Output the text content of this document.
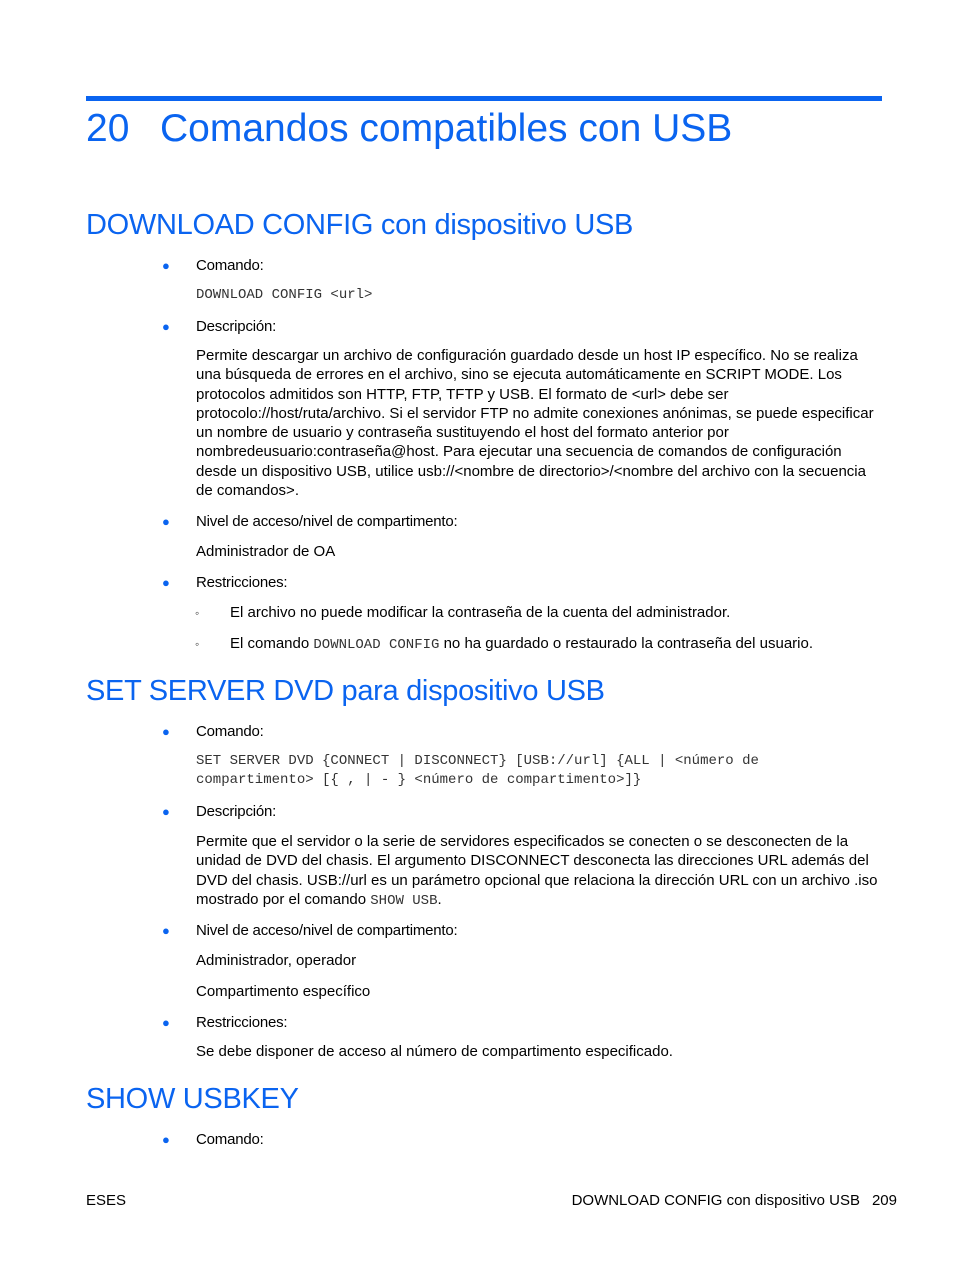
20 Comandos compatibles con USB
DOWNLOAD CONFIG con dispositivo USB
● Comando:
DOWNLOAD CONFIG <url>
● Descripción:
Permite descargar un archivo de configuración guardado desde un host IP específico. No se realiza una búsqueda de errores en el archivo, sino se ejecuta automáticamente en SCRIPT MODE. Los protocolos admitidos son HTTP, FTP, TFTP y USB. El formato de <url> debe ser protocolo://host/ruta/archivo. Si el servidor FTP no admite conexiones anónimas, se puede especificar un nombre de usuario y contraseña sustituyendo el host del formato anterior por nombredeusuario:contraseña@host. Para ejecutar una secuencia de comandos de configuración desde un dispositivo USB, utilice usb://<nombre de directorio>/<nombre del archivo con la secuencia de comandos>.
● Nivel de acceso/nivel de compartimento:
Administrador de OA
● Restricciones:
◦ El archivo no puede modificar la contraseña de la cuenta del administrador.
◦ El comando DOWNLOAD CONFIG no ha guardado o restaurado la contraseña del usuario.
SET SERVER DVD para dispositivo USB
● Comando:
SET SERVER DVD {CONNECT | DISCONNECT} [USB://url] {ALL | <número de compartimento> [{ , | - } <número de compartimento>]}
● Descripción:
Permite que el servidor o la serie de servidores especificados se conecten o se desconecten de la unidad de DVD del chasis. El argumento DISCONNECT desconecta las direcciones URL además del DVD del chasis. USB://url es un parámetro opcional que relaciona la dirección URL con un archivo .iso mostrado por el comando SHOW USB.
● Nivel de acceso/nivel de compartimento:
Administrador, operador
Compartimento específico
● Restricciones:
Se debe disponer de acceso al número de compartimento especificado.
SHOW USBKEY
● Comando:
ESES	DOWNLOAD CONFIG con dispositivo USB 209
